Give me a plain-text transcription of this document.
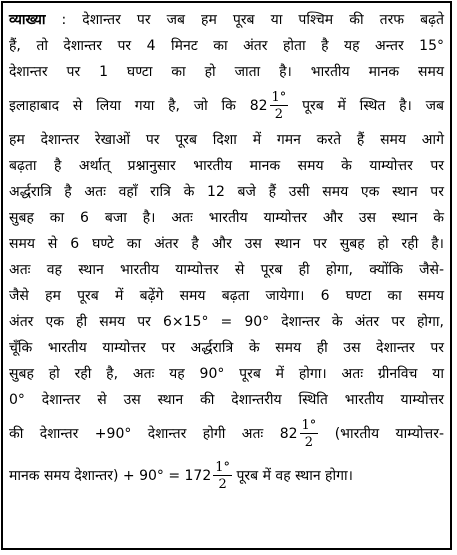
व्याख्या : देशान्तर पर जब हम पूरब या पश्चिम की तरफ बढ़ते
हैं, तो देशान्तर पर 4 मिनट का अंतर होता है यह अन्तर 15°
देशान्तर पर 1 घण्टा का हो जाता है। भारतीय मानक समय
इलाहाबाद से लिया गया है, जो कि $82 \frac{1^\circ}{2}$ पूरब में स्थित है। जब
हम देशान्तर रेखाओं पर पूरब दिशा में गमन करते हैं समय आगे
बढ़ता है अर्थात् प्रश्नानुसार भारतीय मानक समय के याम्योत्तर पर
अर्द्धरात्रि है अतः वहाँ रात्रि के 12 बजे हैं उसी समय एक स्थान पर
सुबह का 6 बजा है। अतः भारतीय याम्योत्तर और उस स्थान के
समय से 6 घण्टे का अंतर है और उस स्थान पर सुबह हो रही है।
अतः वह स्थान भारतीय याम्योत्तर से पूरब ही होगा, क्योंकि जैसे-
जैसे हम पूरब में बढ़ेंगे समय बढ़ता जायेगा। 6 घण्टा का समय
अंतर एक ही समय पर 6×15° = 90° देशान्तर के अंतर पर होगा,
चूँकि भारतीय याम्योत्तर पर अर्द्धरात्रि के समय ही उस देशान्तर पर
सुबह हो रही है, अतः यह 90° पूरब में होगा। अतः ग्रीनविच या
0° देशान्तर से उस स्थान की देशान्तरीय स्थिति भारतीय याम्योत्तर
की देशान्तर +90° देशान्तर होगी अतः $82 \frac{1^\circ}{2}$ (भारतीय याम्योत्तर-
मानक समय देशान्तर) + $90^\circ = 172 \frac{1^\circ}{2}$ पूरब में वह स्थान होगा।
